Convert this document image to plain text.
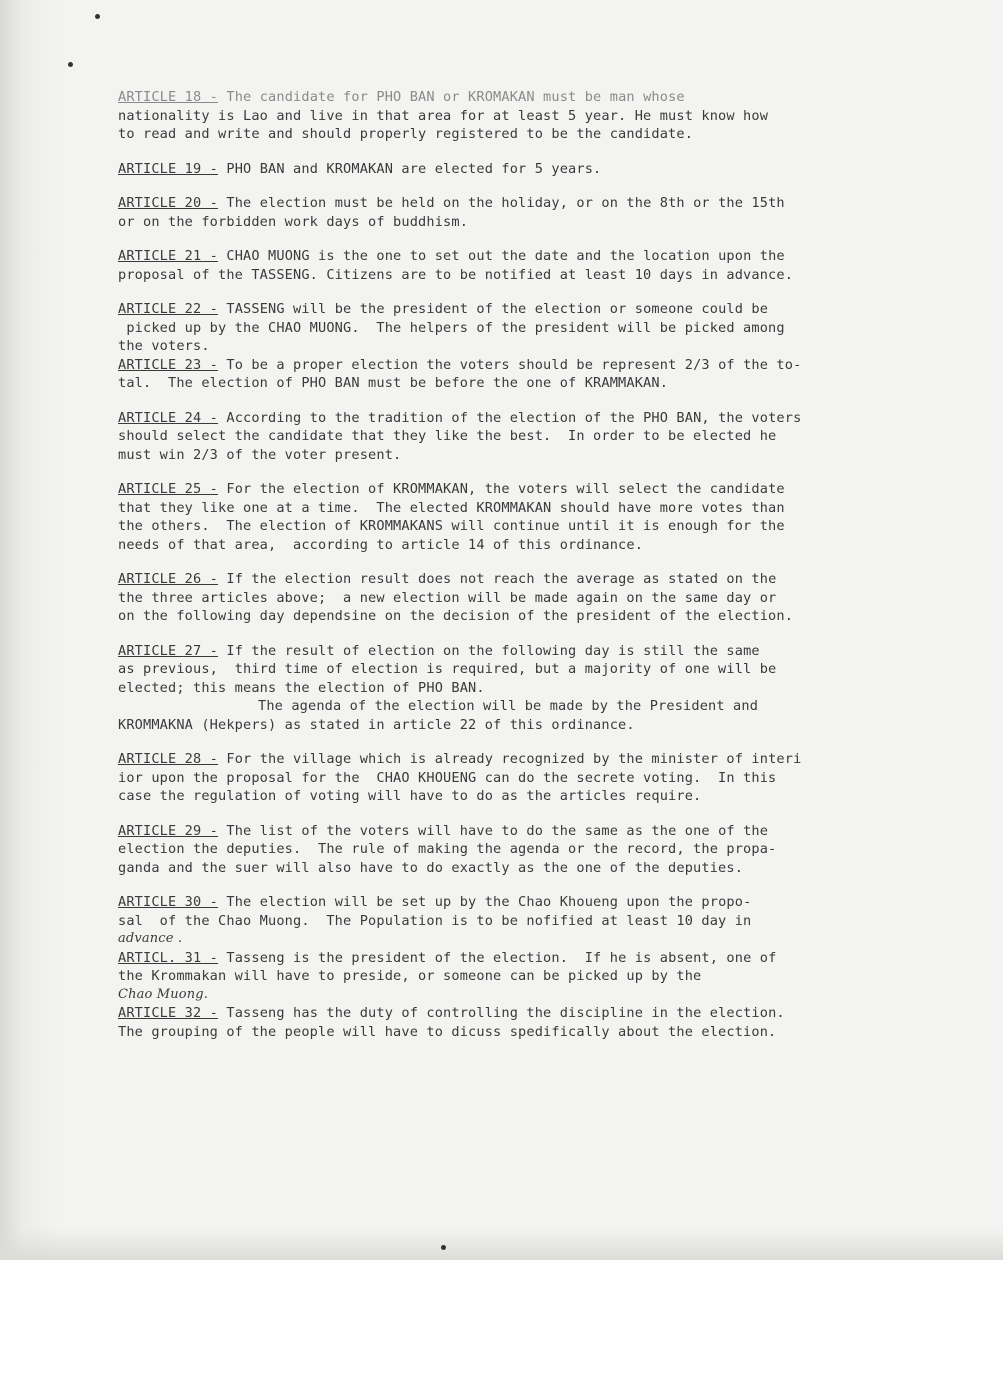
ARTICLE 18 - The candidate for PHO BAN or KROMAKAN must be man whose
nationality is Lao and live in that area for at least 5 year. He must know how
to read and write and should properly registered to be the candidate.
ARTICLE 19 - PHO BAN and KROMAKAN are elected for 5 years.
ARTICLE 20 - The election must be held on the holiday, or on the 8th or the 15th
or on the forbidden work days of buddhism.
ARTICLE 21 - CHAO MUONG is the one to set out the date and the location upon the
proposal of the TASSENG. Citizens are to be notified at least 10 days in advance.
ARTICLE 22 - TASSENG will be the president of the election or someone could be
picked up by the CHAO MUONG.  The helpers of the president will be picked among
the voters.
ARTICLE 23 - To be a proper election the voters should be represent 2/3 of the to-
tal.  The election of PHO BAN must be before the one of KRAMMAKAN.
ARTICLE 24 - According to the tradition of the election of the PHO BAN, the voters
should select the candidate that they like the best.  In order to be elected he
must win 2/3 of the voter present.
ARTICLE 25 - For the election of KROMMAKAN, the voters will select the candidate
that they like one at a time.  The elected KROMMAKAN should have more votes than
the others.  The election of KROMMAKANS will continue until it is enough for the
needs of that area,  according to article 14 of this ordinance.
ARTICLE 26 - If the election result does not reach the average as stated on the
the three articles above;  a new election will be made again on the same day or
on the following day dependsine on the decision of the president of the election.
ARTICLE 27 - If the result of election on the following day is still the same
as previous,  third time of election is required, but a majority of one will be
elected; this means the election of PHO BAN.
The agenda of the election will be made by the President and
KROMMAKNA (Hekpers) as stated in article 22 of this ordinance.
ARTICLE 28 - For the village which is already recognized by the minister of interi
ior upon the proposal for the  CHAO KHOUENG can do the secrete voting.  In this
case the regulation of voting will have to do as the articles require.
ARTICLE 29 - The list of the voters will have to do the same as the one of the
election the deputies.  The rule of making the agenda or the record, the propa-
ganda and the suer will also have to do exactly as the one of the deputies.
ARTICLE 30 - The election will be set up by the Chao Khoueng upon the propo-
sal  of the Chao Muong.  The Population is to be nofified at least 10 day in
advance .
ARTICL. 31 - Tasseng is the president of the election.  If he is absent, one of
the Krommakan will have to preside, or someone can be picked up by the
Chao Muong.
ARTICLE 32 - Tasseng has the duty of controlling the discipline in the election.
The grouping of the people will have to dicuss spedifically about the election.
